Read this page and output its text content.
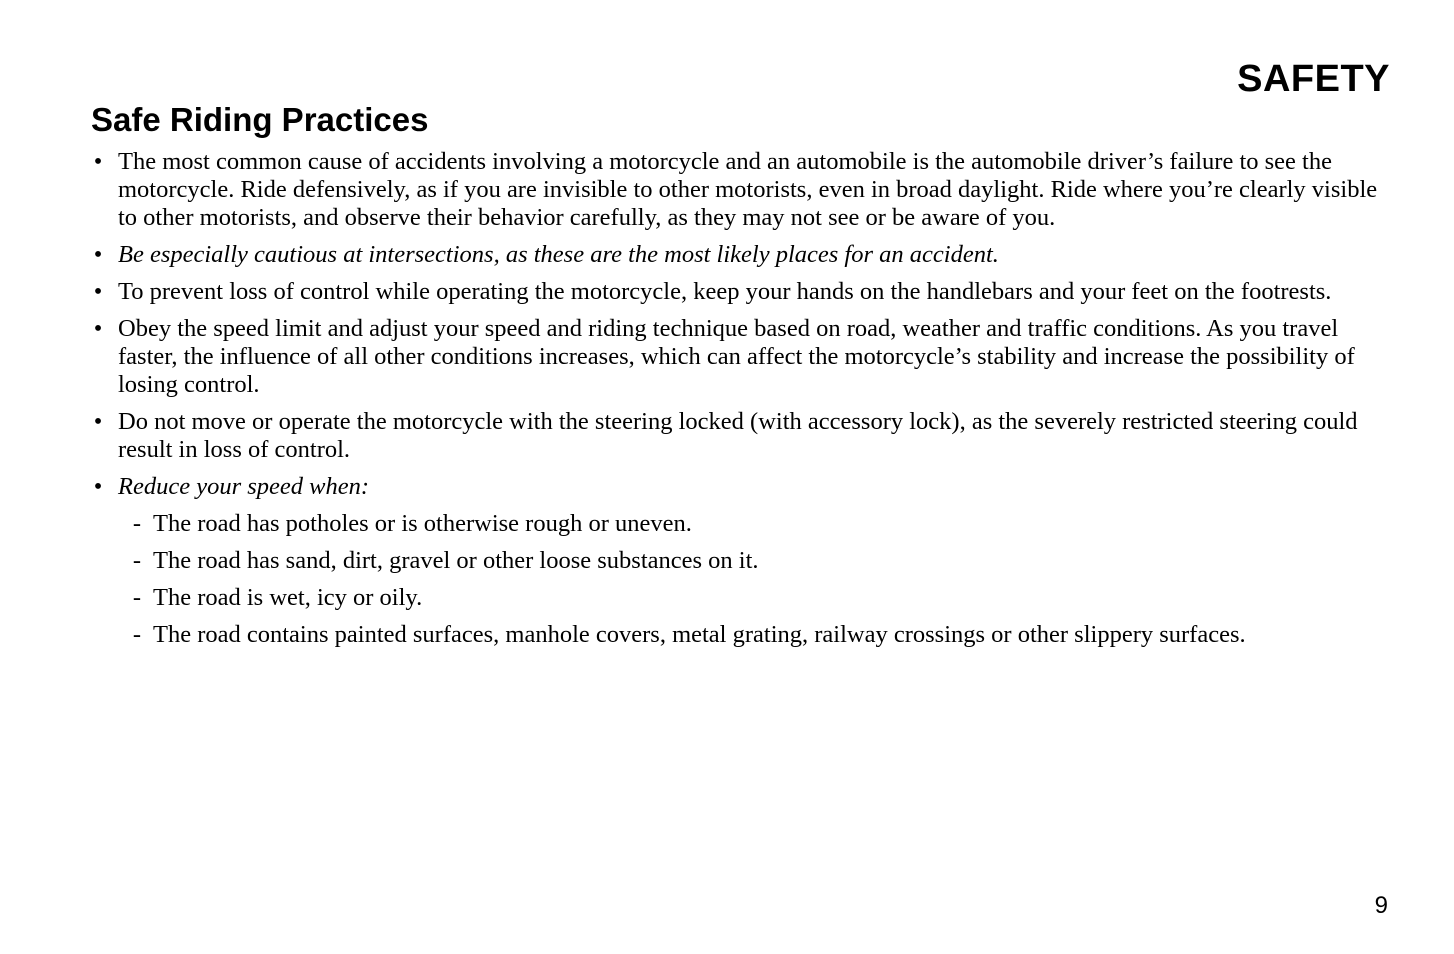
SAFETY
Safe Riding Practices
• The most common cause of accidents involving a motorcycle and an automobile is the automobile driver’s failure to see the motorcycle. Ride defensively, as if you are invisible to other motorists, even in broad daylight. Ride where you’re clearly visible to other motorists, and observe their behavior carefully, as they may not see or be aware of you.
• Be especially cautious at intersections, as these are the most likely places for an accident.
• To prevent loss of control while operating the motorcycle, keep your hands on the handlebars and your feet on the footrests.
• Obey the speed limit and adjust your speed and riding technique based on road, weather and traffic conditions. As you travel faster, the influence of all other conditions increases, which can affect the motorcycle’s stability and increase the possibility of losing control.
• Do not move or operate the motorcycle with the steering locked (with accessory lock), as the severely restricted steering could result in loss of control.
• Reduce your speed when:
- The road has potholes or is otherwise rough or uneven.
- The road has sand, dirt, gravel or other loose substances on it.
- The road is wet, icy or oily.
- The road contains painted surfaces, manhole covers, metal grating, railway crossings or other slippery surfaces.

9
